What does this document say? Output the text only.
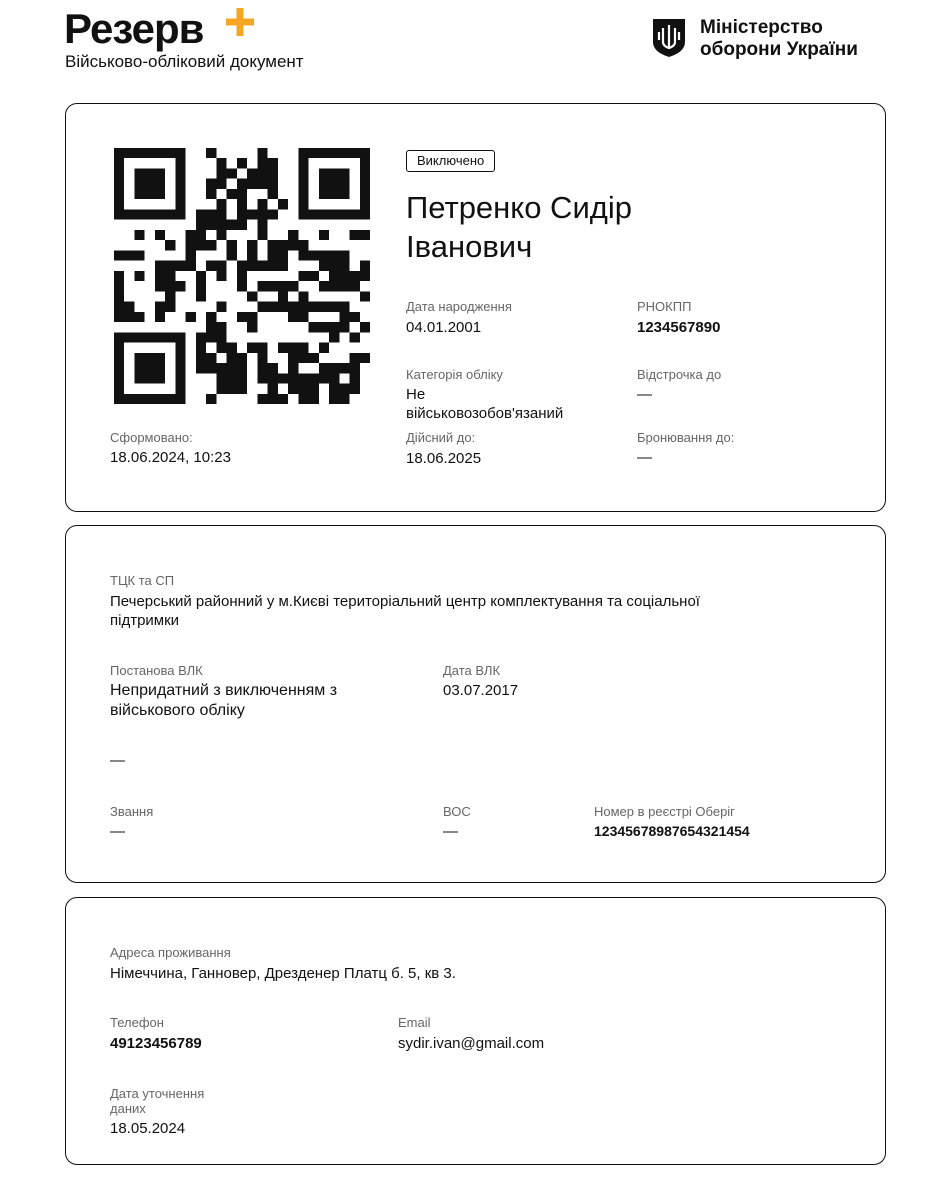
Резерв
Військово-обліковий документ
Міністерство
оборони України
Виключено
Петренко Сидір
Іванович
Дата народження
04.01.2001
РНОКПП
1234567890
Категорія обліку
Не
військовозобов'язаний
Відстрочка до
—
Сформовано:
18.06.2024, 10:23
Дійсний до:
18.06.2025
Бронювання до:
—
ТЦК та СП
Печерський районний у м.Києві територіальний центр комплектування та соціальної
підтримки
Постанова ВЛК
Непридатний з виключенням з
військового обліку
Дата ВЛК
03.07.2017
—
Звання
—
ВОС
—
Номер в реєстрі Оберіг
12345678987654321454
Адреса проживання
Німеччина, Ганновер, Дрезденер Платц б. 5, кв 3.
Телефон
49123456789
Email
sydir.ivan@gmail.com
Дата уточнення
даних
18.05.2024
